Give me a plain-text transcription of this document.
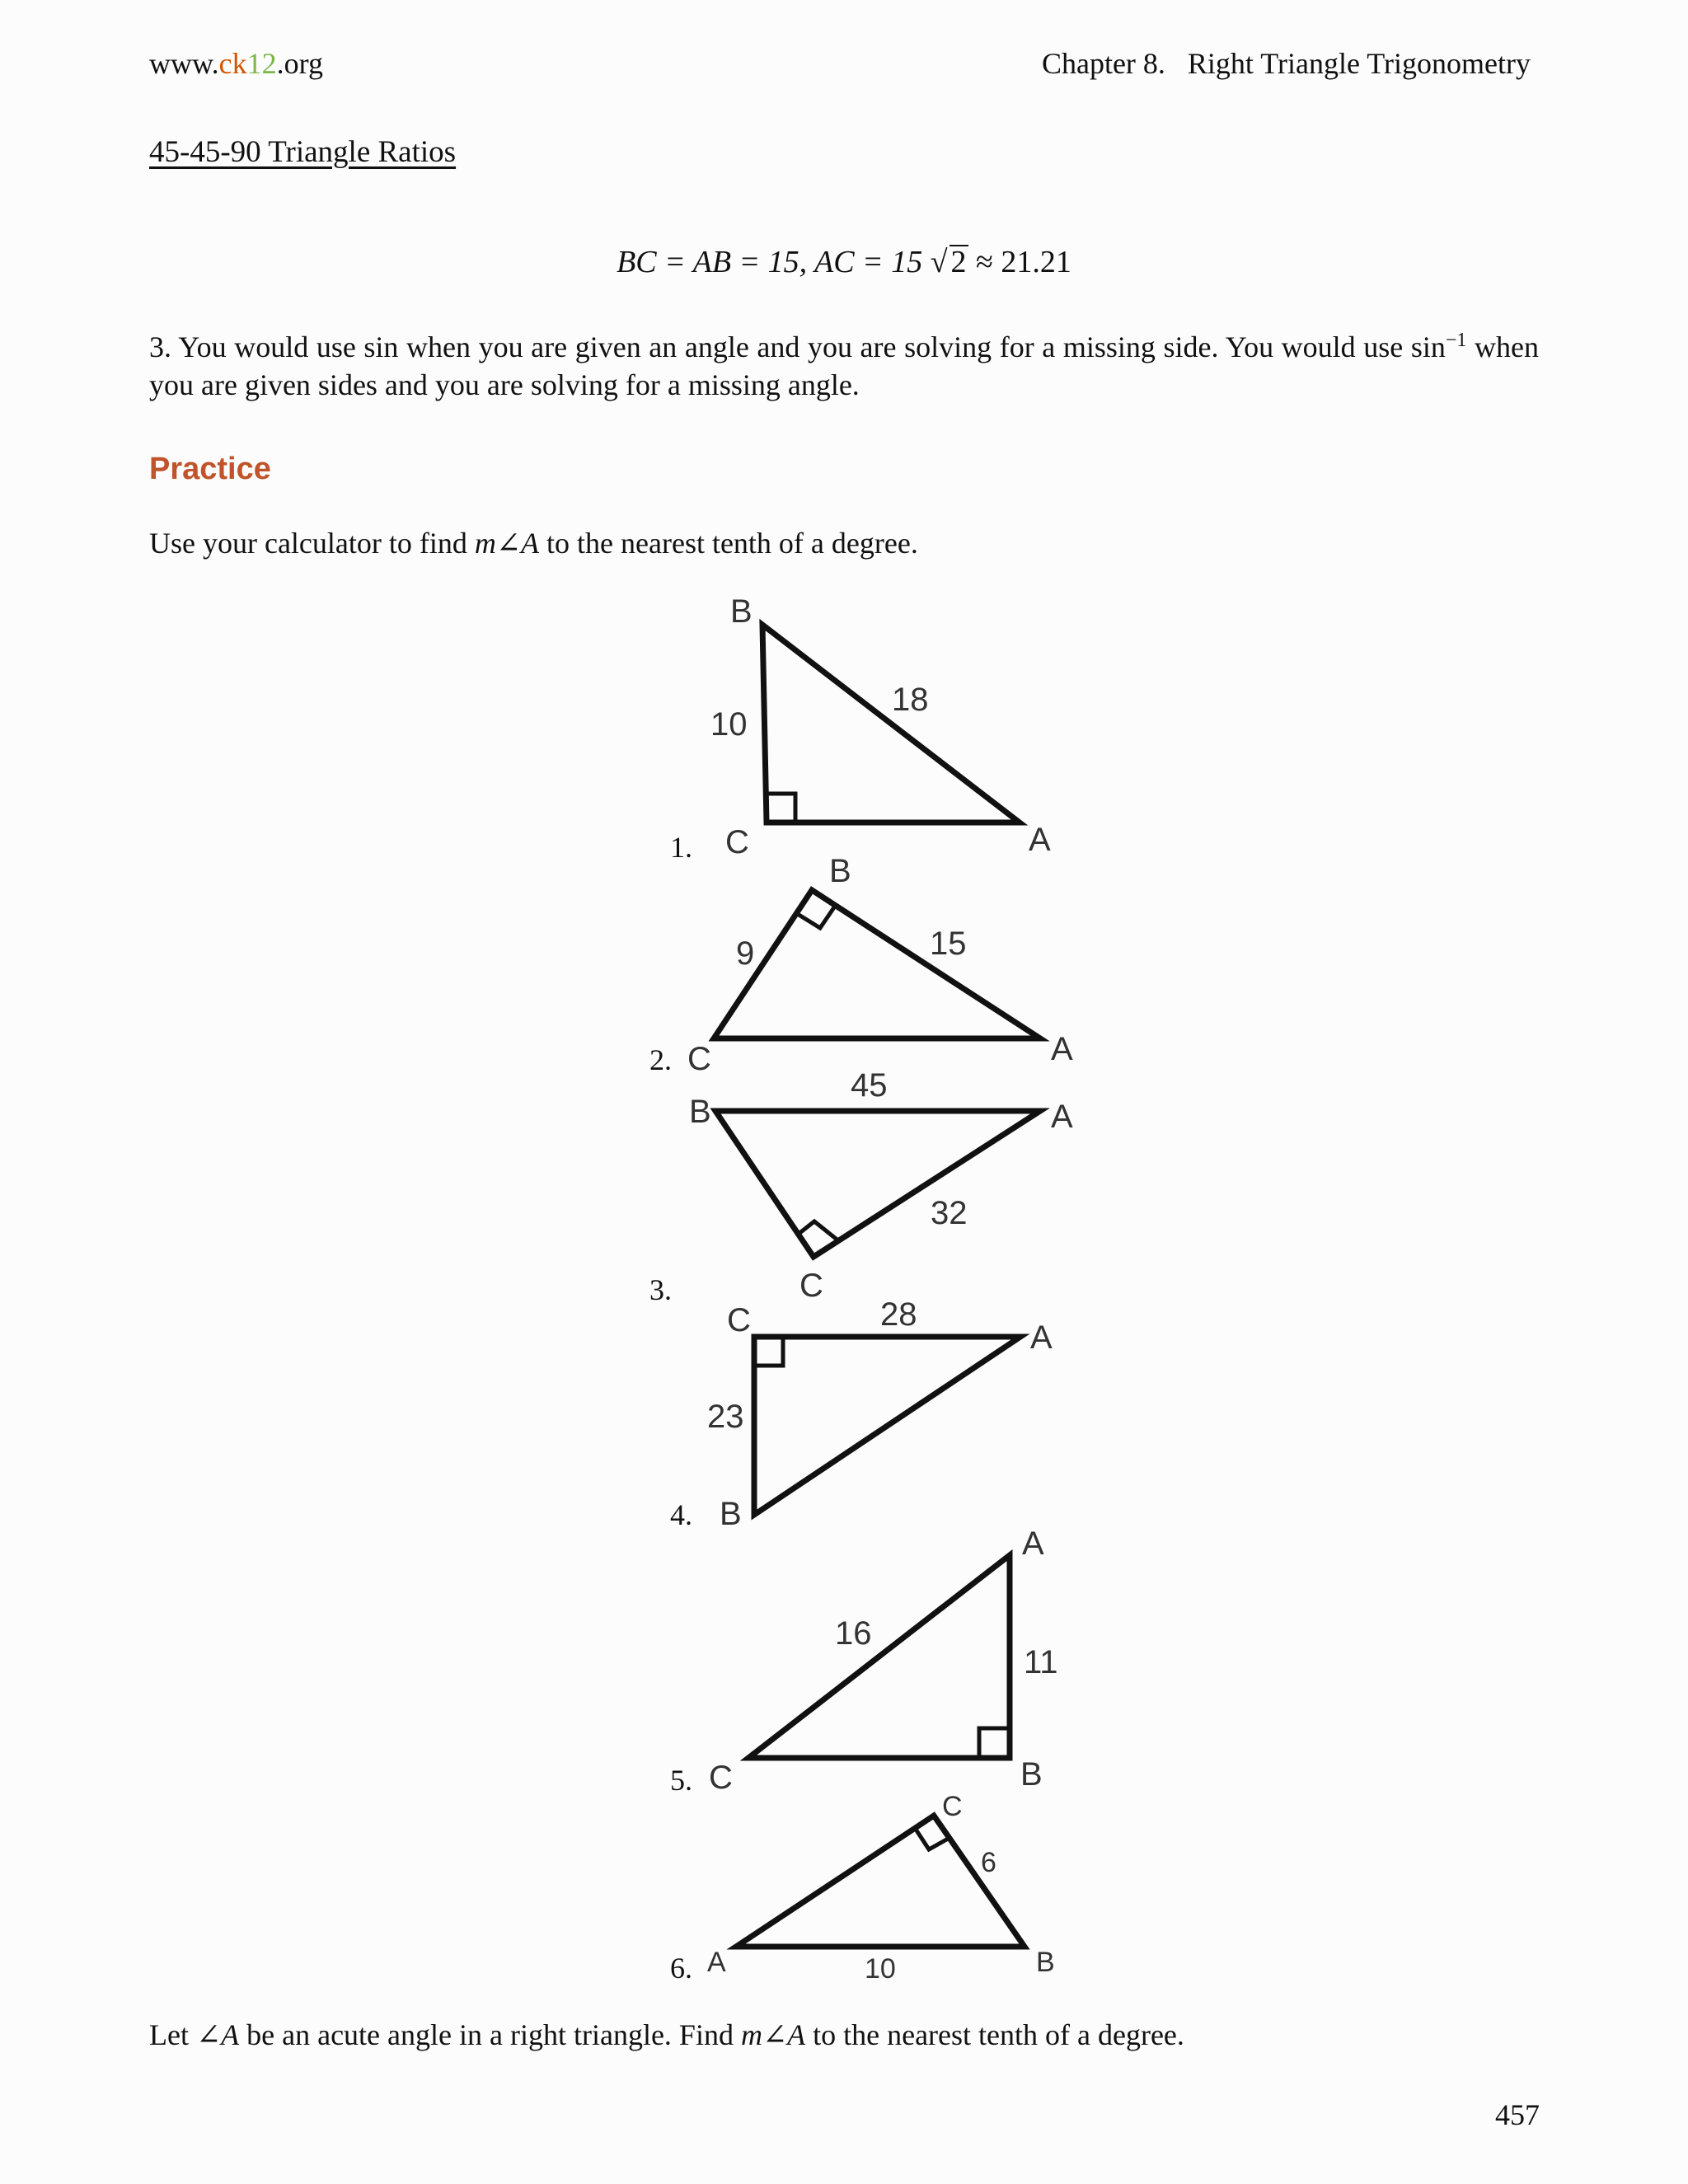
www.ck12.org	Chapter 8.   Right Triangle Trigonometry
45-45-90 Triangle Ratios
BC = AB = 15, AC = 15 √ 2 ≈ 21.21
3. You would use sin when you are given an angle and you are solving for a missing side. You would use $\sin^{-1}$ when you are given sides and you are solving for a missing angle.
Practice
Use your calculator to find m∠A to the nearest tenth of a degree.
1.
B
C	A
10
18
2.
B
C	A
9	15
3.
B	A
C
45
32
4.
C	A
B
28
23
5.
A
C	B
16
11
6.
C
A	B
6
10
Let ∠A be an acute angle in a right triangle. Find m∠A to the nearest tenth of a degree.
457
